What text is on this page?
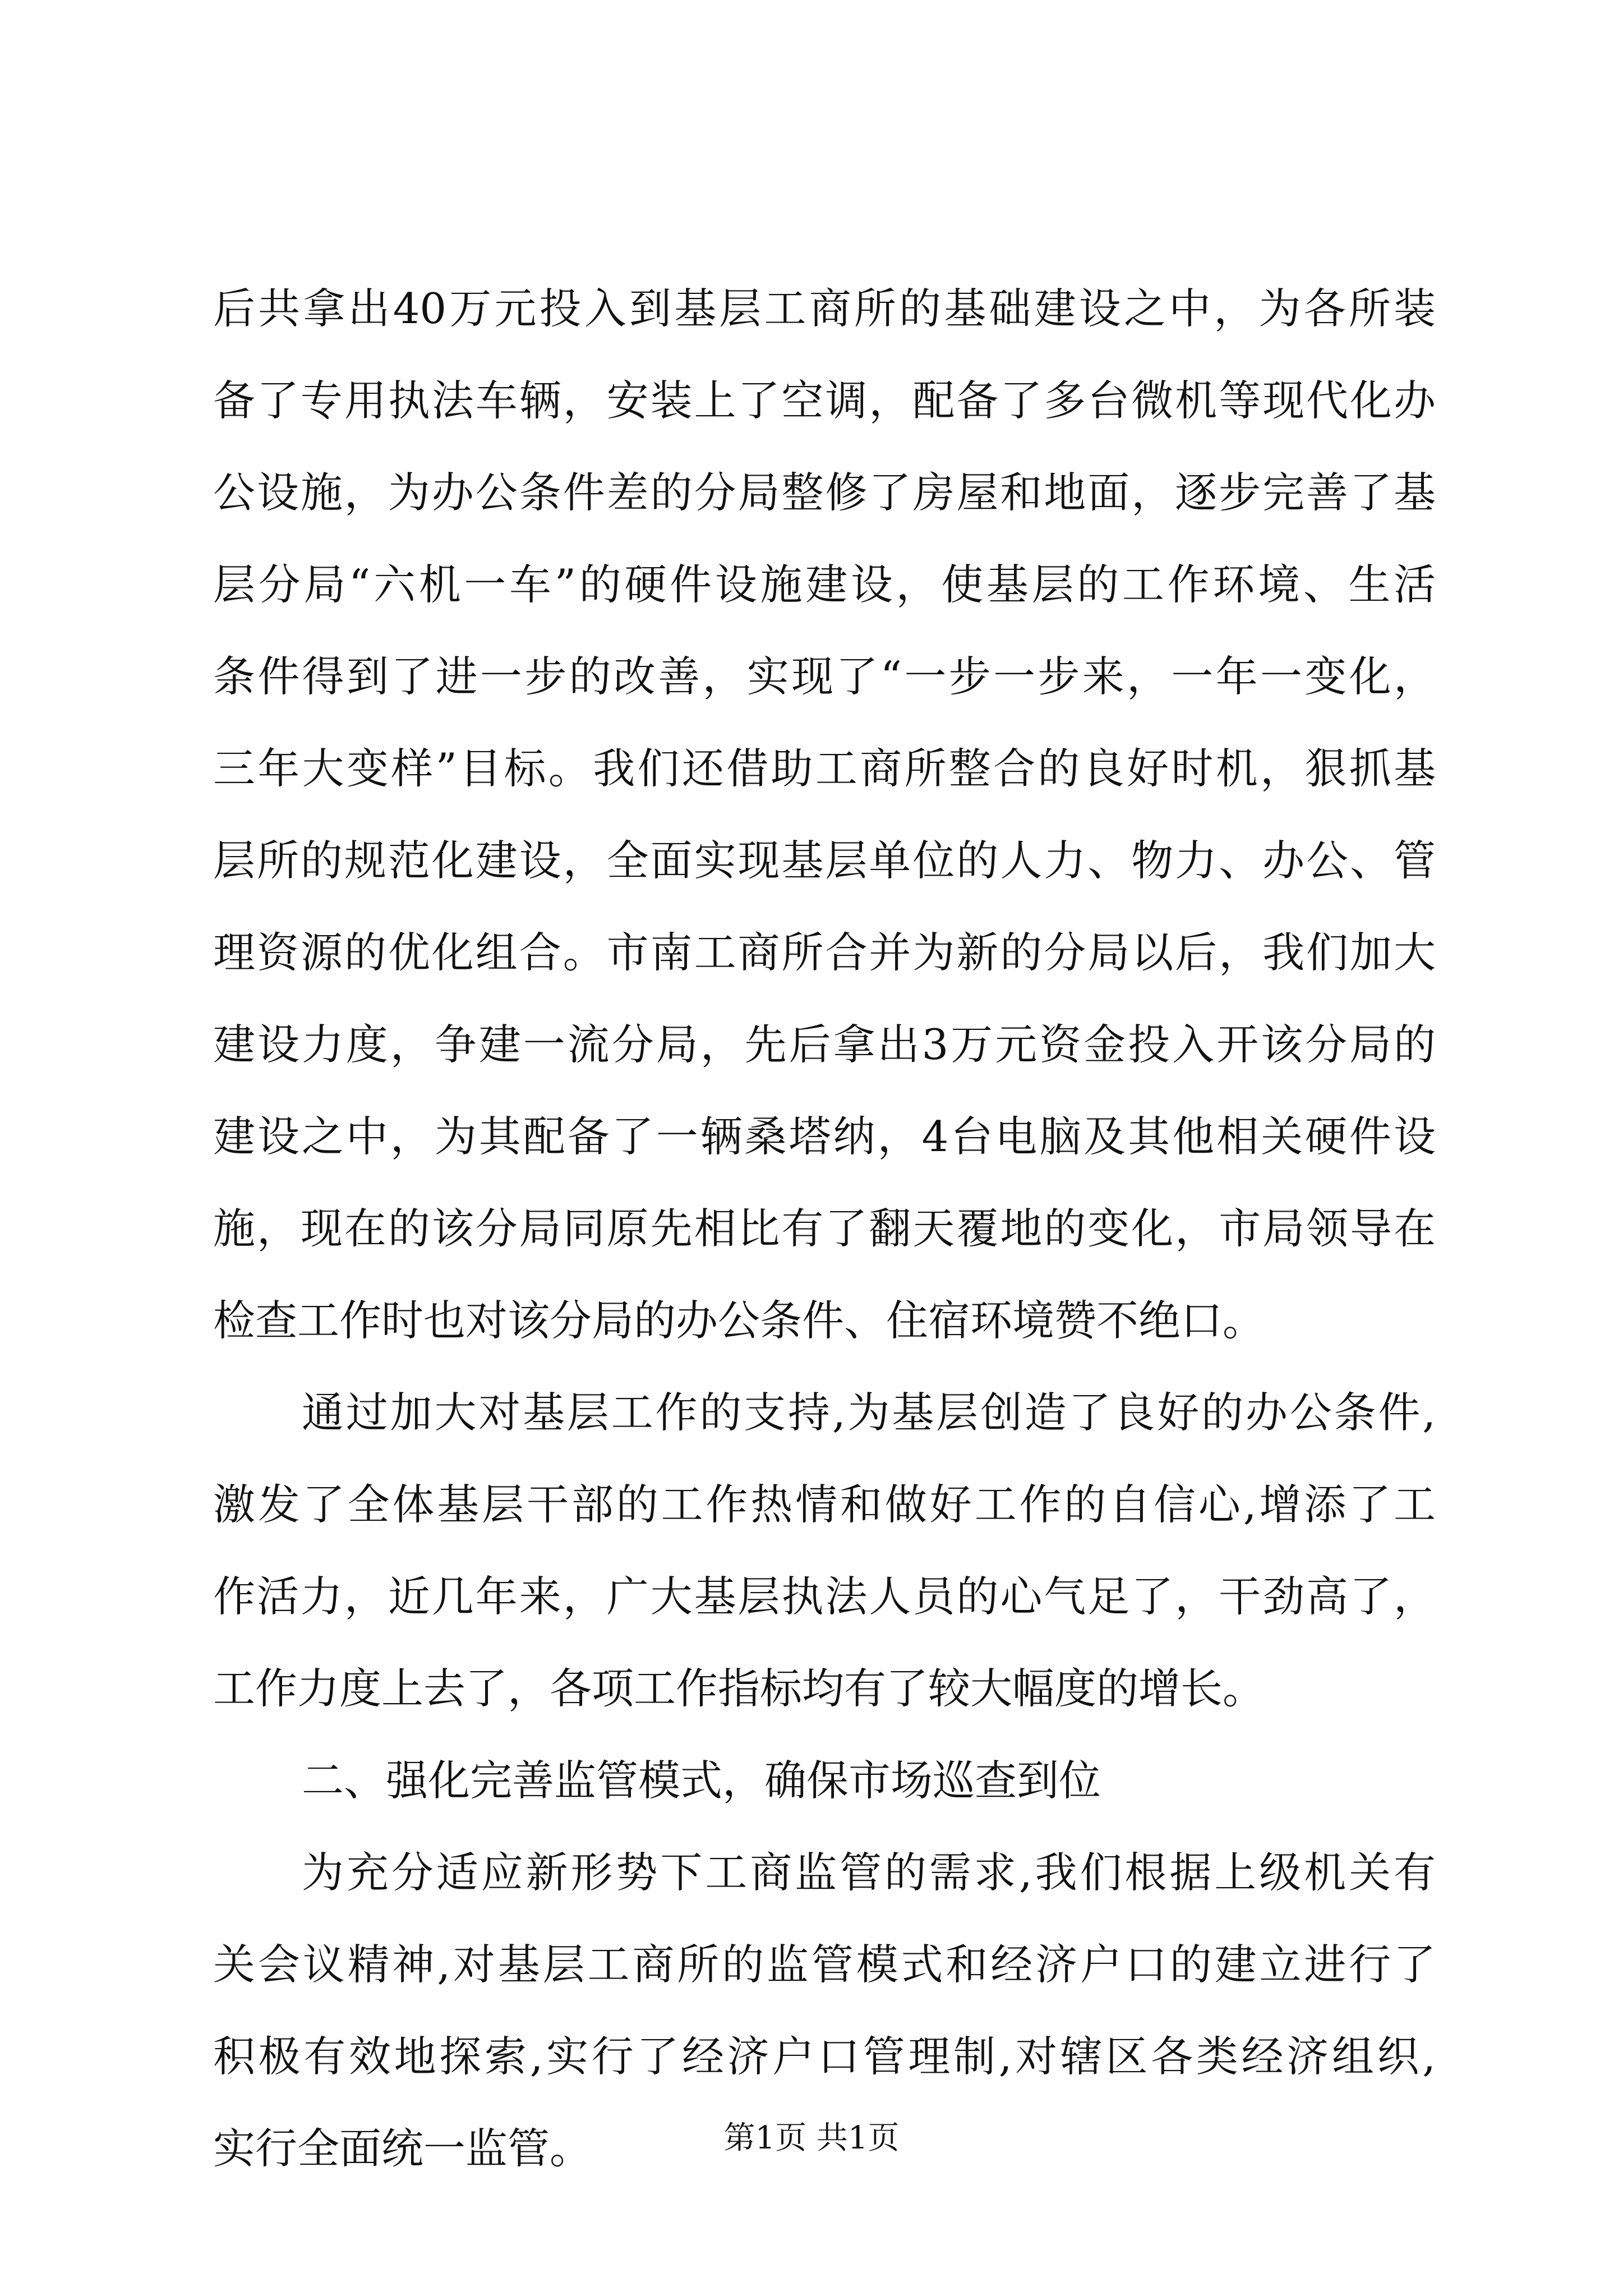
后共拿出40万元投入到基层工商所的基础建设之中，为各所装
备了专用执法车辆，安装上了空调，配备了多台微机等现代化办
公设施，为办公条件差的分局整修了房屋和地面，逐步完善了基
层分局“六机一车”的硬件设施建设，使基层的工作环境、生活
条件得到了进一步的改善，实现了“一步一步来，一年一变化，
三年大变样”目标。我们还借助工商所整合的良好时机，狠抓基
层所的规范化建设，全面实现基层单位的人力、物力、办公、管
理资源的优化组合。市南工商所合并为新的分局以后，我们加大
建设力度，争建一流分局，先后拿出3万元资金投入开该分局的
建设之中，为其配备了一辆桑塔纳，4台电脑及其他相关硬件设
施，现在的该分局同原先相比有了翻天覆地的变化，市局领导在
检查工作时也对该分局的办公条件、住宿环境赞不绝口。
通过加大对基层工作的支持,为基层创造了良好的办公条件,
激发了全体基层干部的工作热情和做好工作的自信心,增添了工
作活力，近几年来，广大基层执法人员的心气足了，干劲高了，
工作力度上去了，各项工作指标均有了较大幅度的增长。
二、强化完善监管模式，确保市场巡查到位
为充分适应新形势下工商监管的需求,我们根据上级机关有
关会议精神,对基层工商所的监管模式和经济户口的建立进行了
积极有效地探索,实行了经济户口管理制,对辖区各类经济组织,
实行全面统一监管。	第1页 共1页
